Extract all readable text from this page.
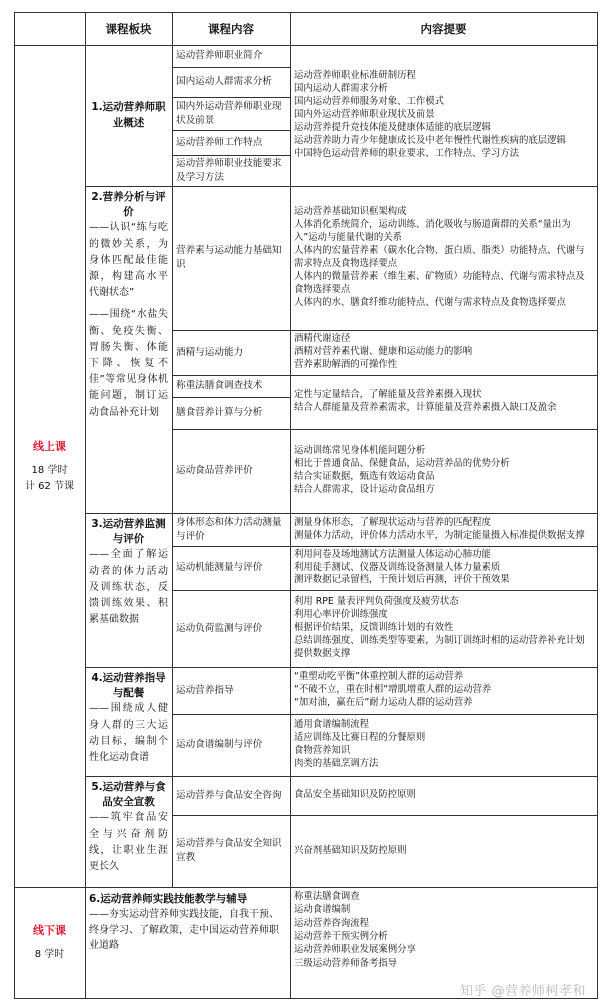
课程板块	课程内容	内容提要
线上课
18 学时
计 62 节课
线下课
8 学时
1.运动营养师职业概述
运动营养师职业简介
国内运动人群需求分析
国内外运动营养师职业现状及前景
运动营养师工作特点
运动营养师职业技能要求及学习方法
运动营养师职业标准研制历程
国内运动人群需求分析
国内运动营养师服务对象、工作模式
国内外运动营养师职业现状及前景
运动营养提升竞技体能及健康体适能的底层逻辑
运动营养助力青少年健康成长及中老年慢性代谢性疾病的底层逻辑
中国特色运动营养师的职业要求、工作特点、学习方法
2.营养分析与评价
——认识“练与吃的微妙关系，为身体匹配最佳能源，构建高水平代谢状态”
——围绕“水盐失衡、免疫失衡、胃肠失衡、体能下降、恢复不佳”等常见身体机能问题，制订运动食品补充计划
营养素与运动能力基础知识
酒精与运动能力
称重法膳食调查技术
膳食营养计算与分析
运动食品营养评价
运动营养基础知识框架构成
人体消化系统简介，运动训练、消化吸收与肠道菌群的关系“量出为入”运动与能量代谢的关系
人体内的宏量营养素（碳水化合物、蛋白质、脂类）功能特点、代谢与需求特点及食物选择要点
人体内的微量营养素（维生素、矿物质）功能特点、代谢与需求特点及食物选择要点
人体内的水、膳食纤维功能特点、代谢与需求特点及食物选择要点
酒精代谢途径
酒精对营养素代谢、健康和运动能力的影响
营养素助解酒的可操作性
定性与定量结合，了解能量及营养素摄入现状
结合人群能量及营养素需求，计算能量及营养素摄入缺口及盈余
运动训练常见身体机能问题分析
相比于普通食品、保健食品，运动营养品的优势分析
结合实证数据，甄选有效运动食品
结合人群需求，设计运动食品组方
3.运动营养监测与评价
——全面了解运动者的体力活动及训练状态，反馈训练效果、积累基础数据
身体形态和体力活动测量与评价
运动机能测量与评价
运动负荷监测与评价
测量身体形态，了解现状运动与营养的匹配程度
测量体力活动，评价体力活动水平，为制定能量摄入标准提供数据支撑
利用问卷及场地测试方法测量人体运动心肺功能
利用徒手测试、仪器及训练设备测量人体力量素质
测评数据记录留档，干预计划后再测，评价干预效果
利用 RPE 量表评判负荷强度及疲劳状态
利用心率评价训练强度
根据评价结果，反馈训练计划的有效性
总结训练强度、训练类型等要素，为制订训练时相的运动营养补充计划提供数据支撑
4.运动营养指导与配餐
——围绕成人健身人群的三大运动目标，编制个性化运动食谱
运动营养指导
运动食谱编制与评价
“重塑动吃平衡”体重控制人群的运动营养
“不破不立，重在时相”增肌增重人群的运动营养
“加对油，赢在后”耐力运动人群的运动营养
通用食谱编制流程
适应训练及比赛日程的分餐原则
食物营养知识
肉类的基础烹调方法
5.运动营养与食品安全宣教
——筑牢食品安全与兴奋剂防线，让职业生涯更长久
运动营养与食品安全咨询
运动营养与食品安全知识宣教
食品安全基础知识及防控原则
兴奋剂基础知识及防控原则
6.运动营养师实践技能教学与辅导
——夯实运动营养师实践技能，自我干预、终身学习、了解政策，走中国运动营养师职业道路
称重法膳食调查
运动食谱编制
运动营养咨询流程
运动营养干预实例分析
运动营养师职业发展案例分享
三级运动营养师备考指导
知乎 @营养师柯孝和
